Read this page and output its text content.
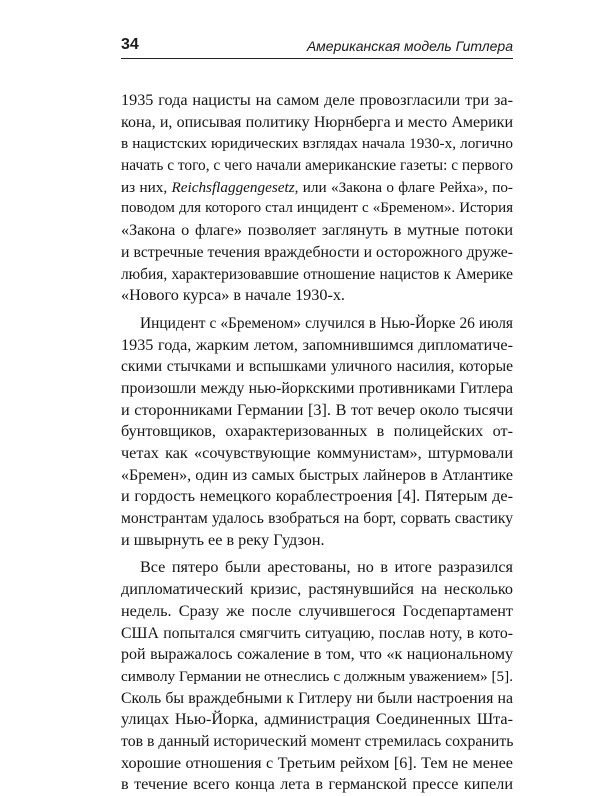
34	Американская модель Гитлера
1935 года нацисты на самом деле провозгласили три за-
кона, и, описывая политику Нюрнберга и место Америки
в нацистских юридических взглядах начала 1930-х, логично
начать с того, с чего начали американские газеты: с первого
из них, Reichsflaggengesetz, или «Закона о флаге Рейха», по-
поводом для которого стал инцидент с «Бременом». История
«Закона о флаге» позволяет заглянуть в мутные потоки
и встречные течения враждебности и осторожного друже-
любия, характеризовавшие отношение нацистов к Америке
«Нового курса» в начале 1930-х.
Инцидент с «Бременом» случился в Нью-Йорке 26 июля
1935 года, жарким летом, запомнившимся дипломатиче-
скими стычками и вспышками уличного насилия, которые
произошли между нью-йоркскими противниками Гитлера
и сторонниками Германии [3]. В тот вечер около тысячи
бунтовщиков, охарактеризованных в полицейских от-
четах как «сочувствующие коммунистам», штурмовали
«Бремен», один из самых быстрых лайнеров в Атлантике
и гордость немецкого кораблестроения [4]. Пятерым де-
монстрантам удалось взобраться на борт, сорвать свастику
и швырнуть ее в реку Гудзон.
Все пятеро были арестованы, но в итоге разразился
дипломатический кризис, растянувшийся на несколько
недель. Сразу же после случившегося Госдепартамент
США попытался смягчить ситуацию, послав ноту, в кото-
рой выражалось сожаление в том, что «к национальному
символу Германии не отнеслись с должным уважением» [5].
Сколь бы враждебными к Гитлеру ни были настроения на
улицах Нью-Йорка, администрация Соединенных Шта-
тов в данный исторический момент стремилась сохранить
хорошие отношения с Третьим рейхом [6]. Тем не менее
в течение всего конца лета в германской прессе кипели
